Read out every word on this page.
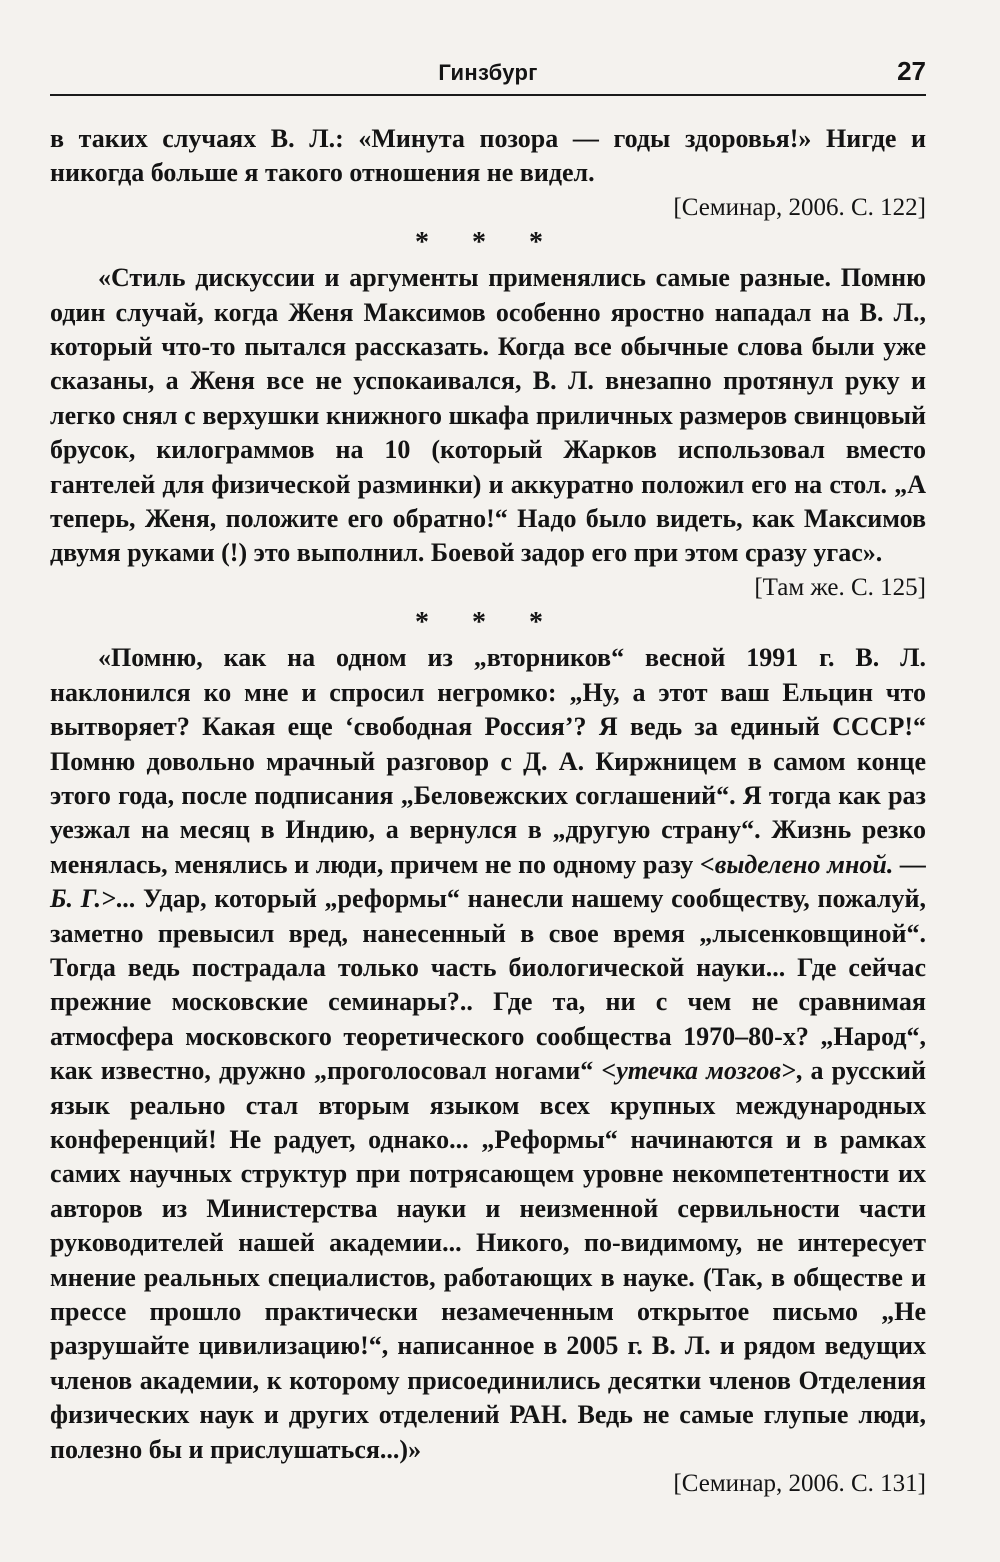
Гинзбург	27

в таких случаях В. Л.: «Минута позора — годы здоровья!» Нигде и никогда больше я такого отношения не видел.

[Семинар, 2006. С. 122]

* * *

«Стиль дискуссии и аргументы применялись самые разные. Помню один случай, когда Женя Максимов особенно яростно нападал на В. Л., который что-то пытался рассказать. Когда все обычные слова были уже сказаны, а Женя все не успокаивался, В. Л. внезапно протянул руку и легко снял с верхушки книжного шкафа приличных размеров свинцовый брусок, килограммов на 10 (который Жарков использовал вместо гантелей для физической разминки) и аккуратно положил его на стол. „А теперь, Женя, положите его обратно!“ Надо было видеть, как Максимов двумя руками (!) это выполнил. Боевой задор его при этом сразу угас».

[Там же. С. 125]

* * *

«Помню, как на одном из „вторников“ весной 1991 г. В. Л. наклонился ко мне и спросил негромко: „Ну, а этот ваш Ельцин что вытворяет? Какая еще ‘свободная Россия’? Я ведь за единый СССР!“ Помню довольно мрачный разговор с Д. А. Киржницем в самом конце этого года, после подписания „Беловежских соглашений“. Я тогда как раз уезжал на месяц в Индию, а вернулся в „другую страну“. Жизнь резко менялась, менялись и люди, причем не по одному разу <выделено мной. — Б. Г.>... Удар, который „реформы“ нанесли нашему сообществу, пожалуй, заметно превысил вред, нанесенный в свое время „лысенковщиной“. Тогда ведь пострадала только часть биологической науки... Где сейчас прежние московские семинары?.. Где та, ни с чем не сравнимая атмосфера московского теоретического сообщества 1970–80-х? „Народ“, как известно, дружно „проголосовал ногами“ <утечка мозгов>, а русский язык реально стал вторым языком всех крупных международных конференций! Не радует, однако... „Реформы“ начинаются и в рамках самих научных структур при потрясающем уровне некомпетентности их авторов из Министерства науки и неизменной сервильности части руководителей нашей академии... Никого, по-видимому, не интересует мнение реальных специалистов, работающих в науке. (Так, в обществе и прессе прошло практически незамеченным открытое письмо „Не разрушайте цивилизацию!“, написанное в 2005 г. В. Л. и рядом ведущих членов академии, к которому присоединились десятки членов Отделения физических наук и других отделений РАН. Ведь не самые глупые люди, полезно бы и прислушаться...)»

[Семинар, 2006. С. 131]
